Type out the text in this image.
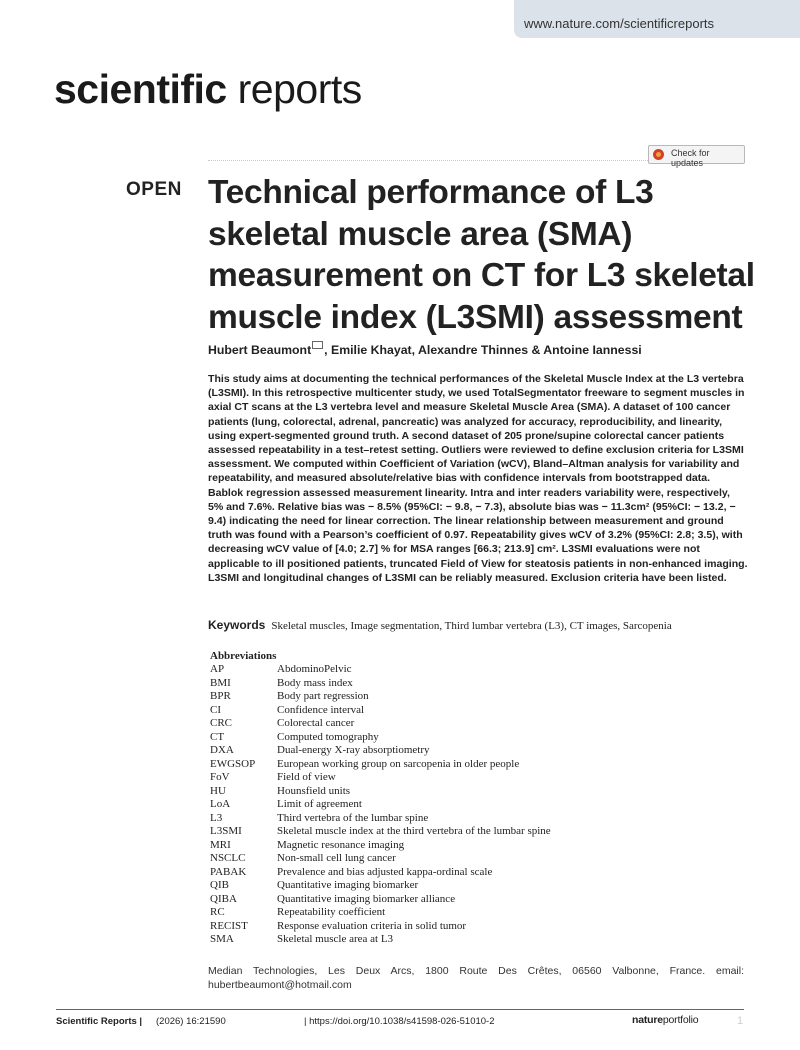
www.nature.com/scientificreports
scientific reports
Check for updates
OPEN Technical performance of L3 skeletal muscle area (SMA) measurement on CT for L3 skeletal muscle index (L3SMI) assessment
Hubert Beaumont , Emilie Khayat, Alexandre Thinnes & Antoine Iannessi
This study aims at documenting the technical performances of the Skeletal Muscle Index at the L3 vertebra (L3SMI). In this retrospective multicenter study, we used TotalSegmentator freeware to segment muscles in axial CT scans at the L3 vertebra level and measure Skeletal Muscle Area (SMA). A dataset of 100 cancer patients (lung, colorectal, adrenal, pancreatic) was analyzed for accuracy, reproducibility, and linearity, using expert-segmented ground truth. A second dataset of 205 prone/supine colorectal cancer patients assessed repeatability in a test–retest setting. Outliers were reviewed to define exclusion criteria for L3SMI assessment. We computed within Coefficient of Variation (wCV), Bland–Altman analysis for variability and repeatability, and measured absolute/relative bias with confidence intervals from bootstrapped data. Bablok regression assessed measurement linearity. Intra and inter readers variability were, respectively, 5% and 7.6%. Relative bias was − 8.5% (95%CI: − 9.8, − 7.3), absolute bias was − 11.3cm² (95%CI: − 13.2, − 9.4) indicating the need for linear correction. The linear relationship between measurement and ground truth was found with a Pearson’s coefficient of 0.97. Repeatability gives wCV of 3.2% (95%CI: 2.8; 3.5), with decreasing wCV value of [4.0; 2.7] % for MSA ranges [66.3; 213.9] cm². L3SMI evaluations were not applicable to ill positioned patients, truncated Field of View for steatosis patients in non-enhanced imaging. L3SMI and longitudinal changes of L3SMI can be reliably measured. Exclusion criteria have been listed.
Keywords Skeletal muscles, Image segmentation, Third lumbar vertebra (L3), CT images, Sarcopenia
Abbreviations
AP	AbdominoPelvic
BMI	Body mass index
BPR	Body part regression
CI	Confidence interval
CRC	Colorectal cancer
CT	Computed tomography
DXA	Dual-energy X-ray absorptiometry
EWGSOP European working group on sarcopenia in older people
FoV	Field of view
HU	Hounsfield units
LoA	Limit of agreement
L3	Third vertebra of the lumbar spine
L3SMI	Skeletal muscle index at the third vertebra of the lumbar spine
MRI	Magnetic resonance imaging
NSCLC	Non-small cell lung cancer
PABAK	Prevalence and bias adjusted kappa-ordinal scale
QIB	Quantitative imaging biomarker
QIBA	Quantitative imaging biomarker alliance
RC	Repeatability coefficient
RECIST	Response evaluation criteria in solid tumor
SMA	Skeletal muscle area at L3
Median Technologies, Les Deux Arcs, 1800 Route Des Crêtes, 06560 Valbonne, France. email:
hubertbeaumont@hotmail.com
Scientific Reports | (2026) 16:21590	| https://doi.org/10.1038/s41598-026-51010-2	natureportfolio	1
